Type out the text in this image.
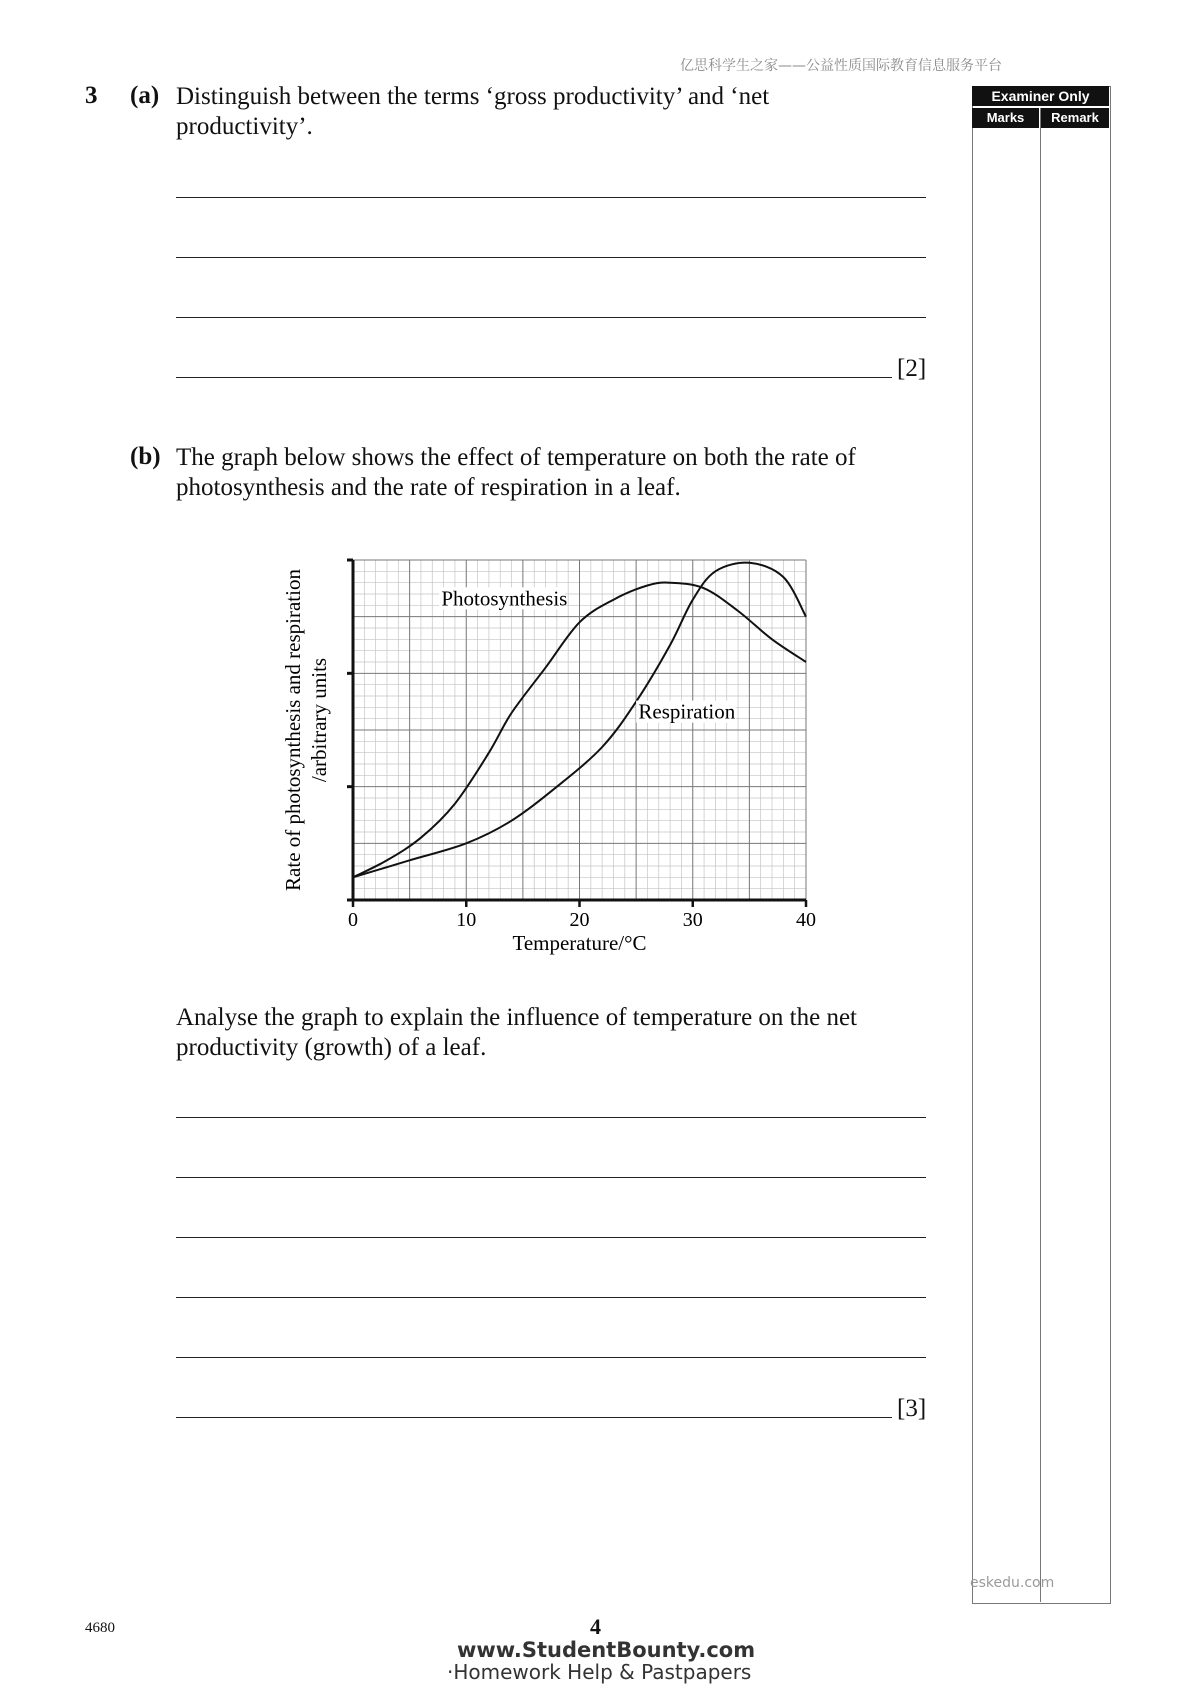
亿思科学生之家——公益性质国际教育信息服务平台
3 (a) Distinguish between the terms ‘gross productivity’ and ‘net
productivity’.
[2]
(b) The graph below shows the effect of temperature on both the rate of
photosynthesis and the rate of respiration in a leaf.
0	10	20	30	40
Photosynthesis
Respiration
Temperature/°C
Rate of photosynthesis and respiration /arbitrary units
Analyse the graph to explain the influence of temperature on the net
productivity (growth) of a leaf.
[3]
Examiner Only
Marks	Remark
eskedu.com
4680	4
www.StudentBounty.com
·Homework Help & Pastpapers
